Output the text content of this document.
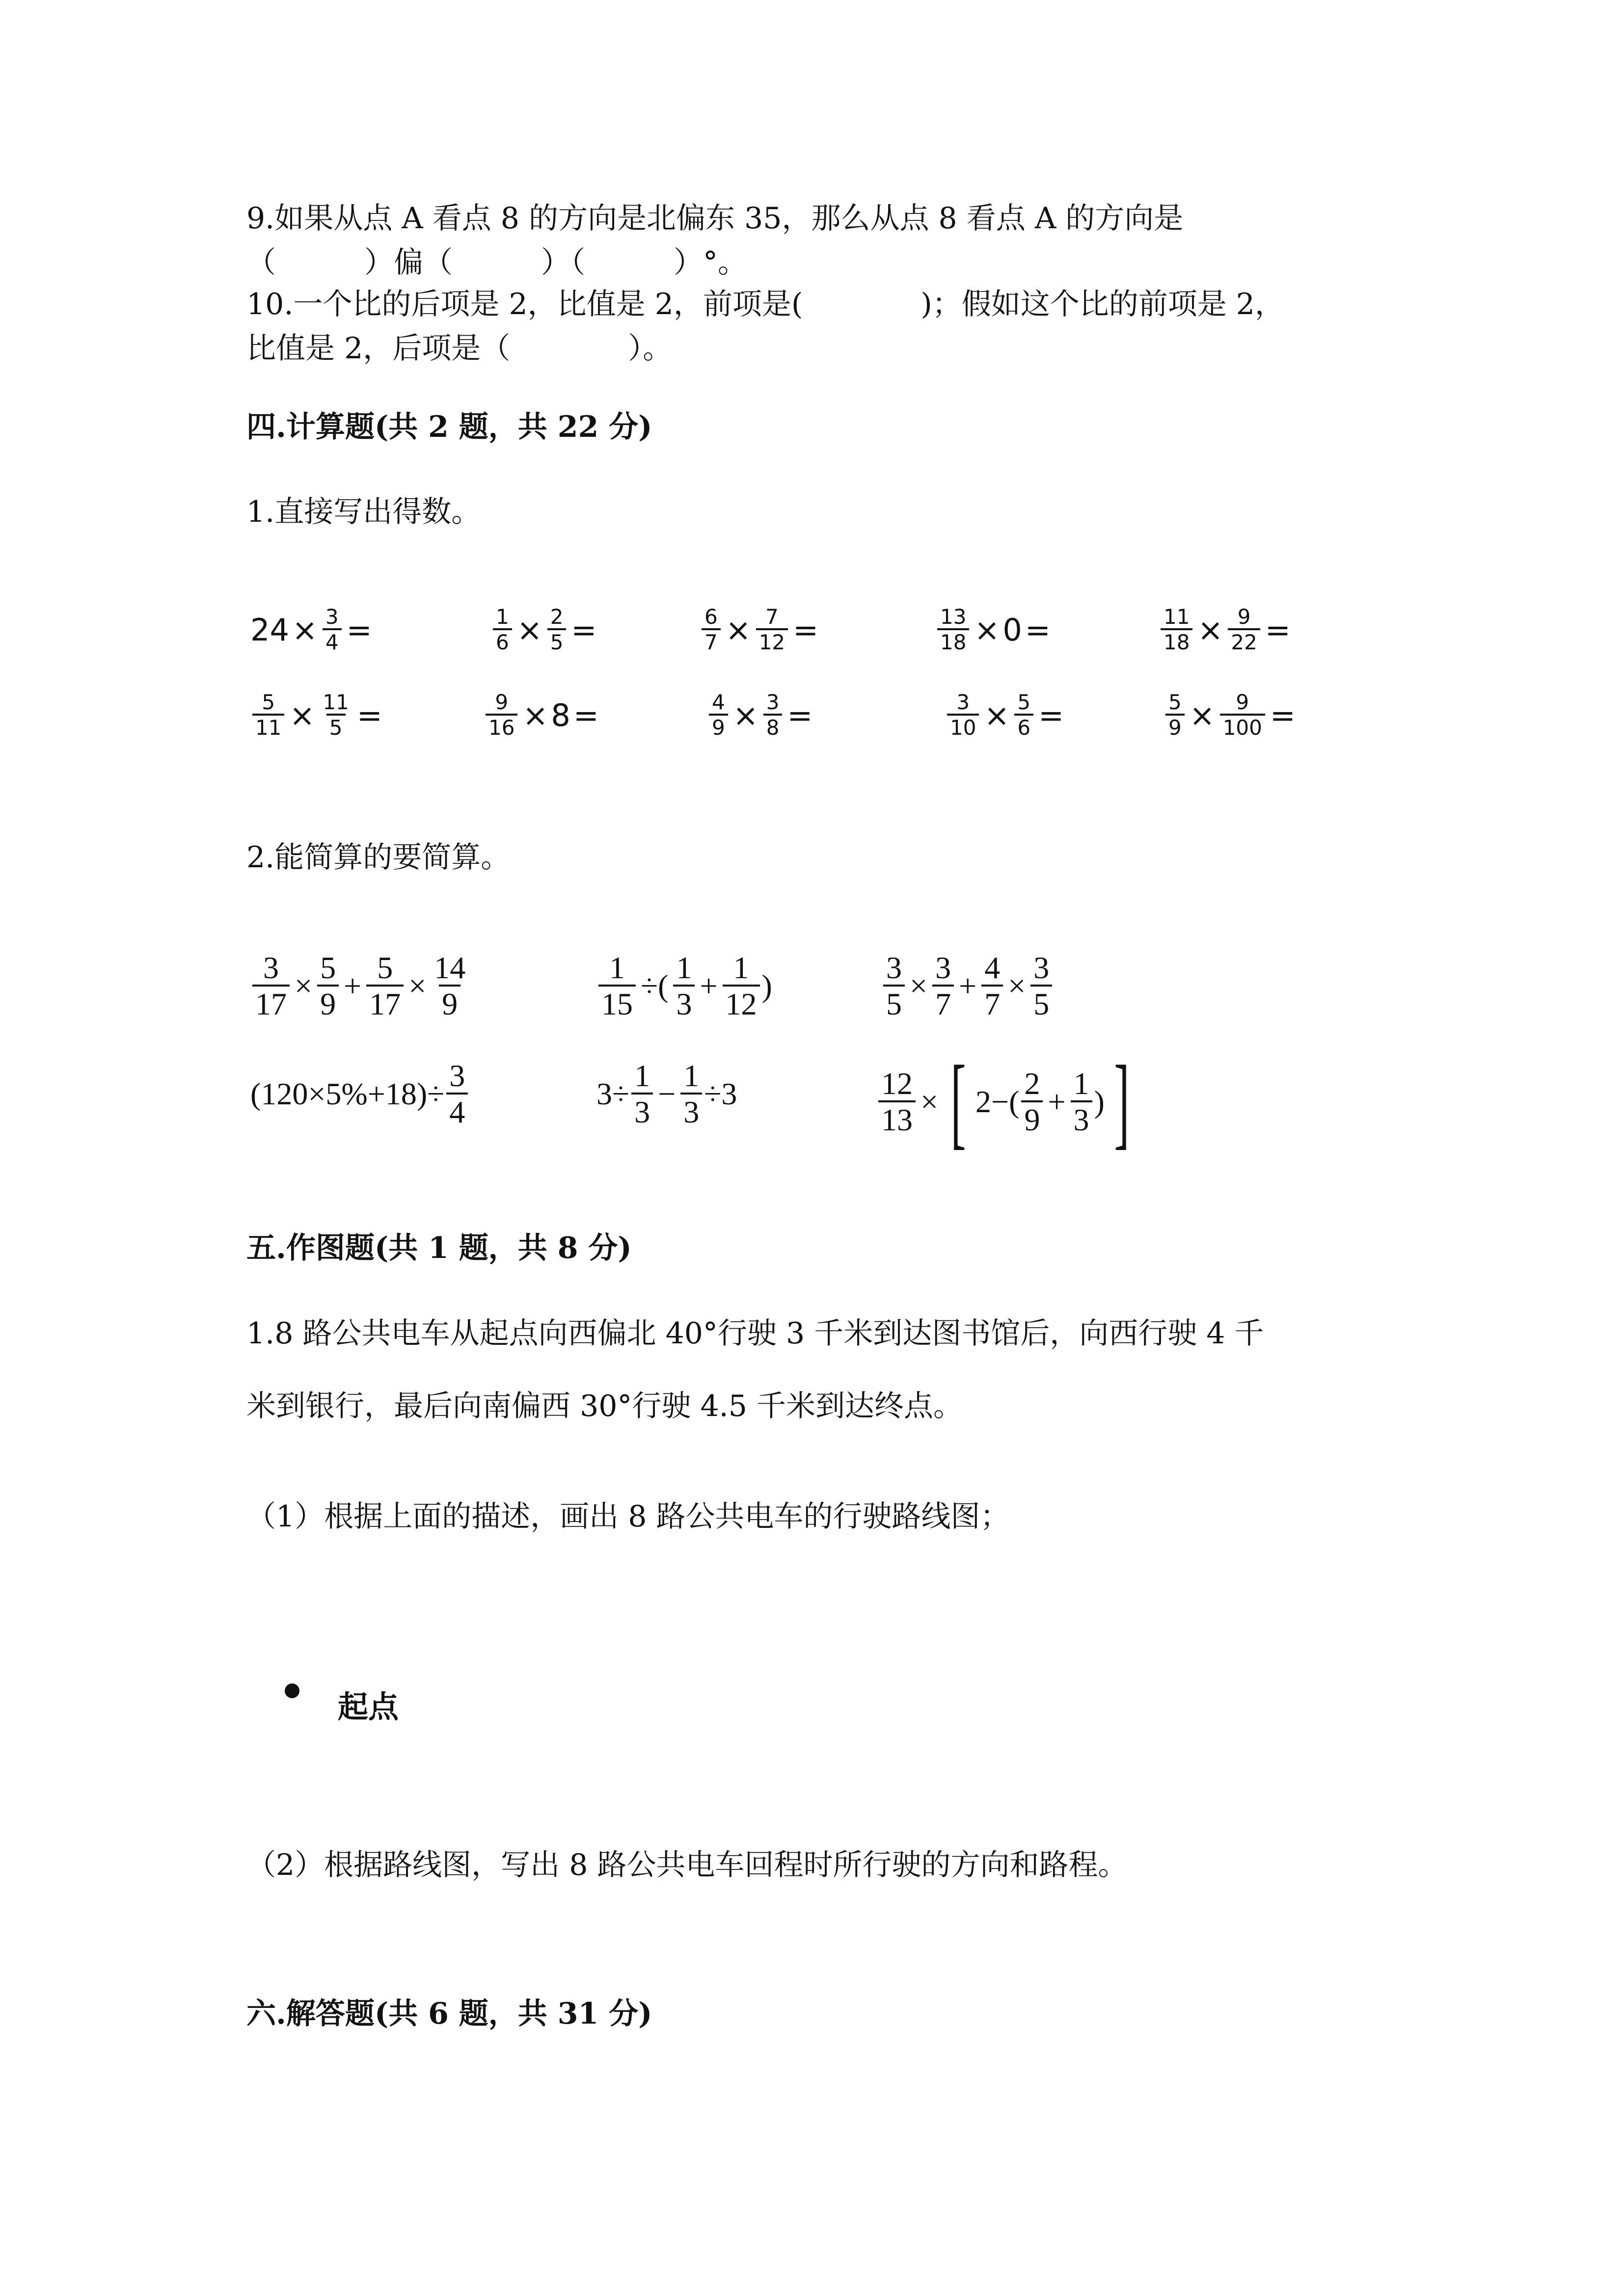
9.如果从点 A 看点 8 的方向是北偏东 35，那么从点 8 看点 A 的方向是
（　　　）偏（　　　）（　　　）°。
10.一个比的后项是 2，比值是 2，前项是(　　　　)；假如这个比的前项是 2，
比值是 2，后项是（　　　　）。
四.计算题(共 2 题，共 22 分)
1.直接写出得数。
$24 \times \frac{3}{4}$ =	$\frac{1}{6} \times \frac{2}{5}$ =	$\frac{6}{7} \times \frac{7}{12}$ =	$\frac{13}{18} \times 0$ =	$\frac{11}{18} \times \frac{9}{22}$ =
$\frac{5}{11} \times \frac{11}{5}$ =	$\frac{9}{16} \times 8$ =	$\frac{4}{9} \times \frac{3}{8}$ =	$\frac{3}{10} \times \frac{5}{6}$ =	$\frac{5}{9} \times \frac{9}{100}$ =
2.能简算的要简算。
$\frac{3}{17} \times \frac{5}{9} + \frac{5}{17} \times \frac{14}{9}$	$\frac{1}{15}$ ÷( $\frac{1}{3} + \frac{1}{12}$ )	$\frac{3}{5} \times \frac{3}{7} + \frac{4}{7} \times \frac{3}{5}$
$(120\times 5\%+18)\div \frac{3}{4}$	$3\div \frac{1}{3} - \frac{1}{3} \div 3$	$\frac{12}{13}$ × [ $2-( \frac{2}{9} + \frac{1}{3}$ ) ]
五.作图题(共 1 题，共 8 分)
1.8 路公共电车从起点向西偏北 40°行驶 3 千米到达图书馆后，向西行驶 4 千
米到银行，最后向南偏西 30°行驶 4.5 千米到达终点。
（1）根据上面的描述，画出 8 路公共电车的行驶路线图；
起点
（2）根据路线图，写出 8 路公共电车回程时所行驶的方向和路程。
六.解答题(共 6 题，共 31 分)
